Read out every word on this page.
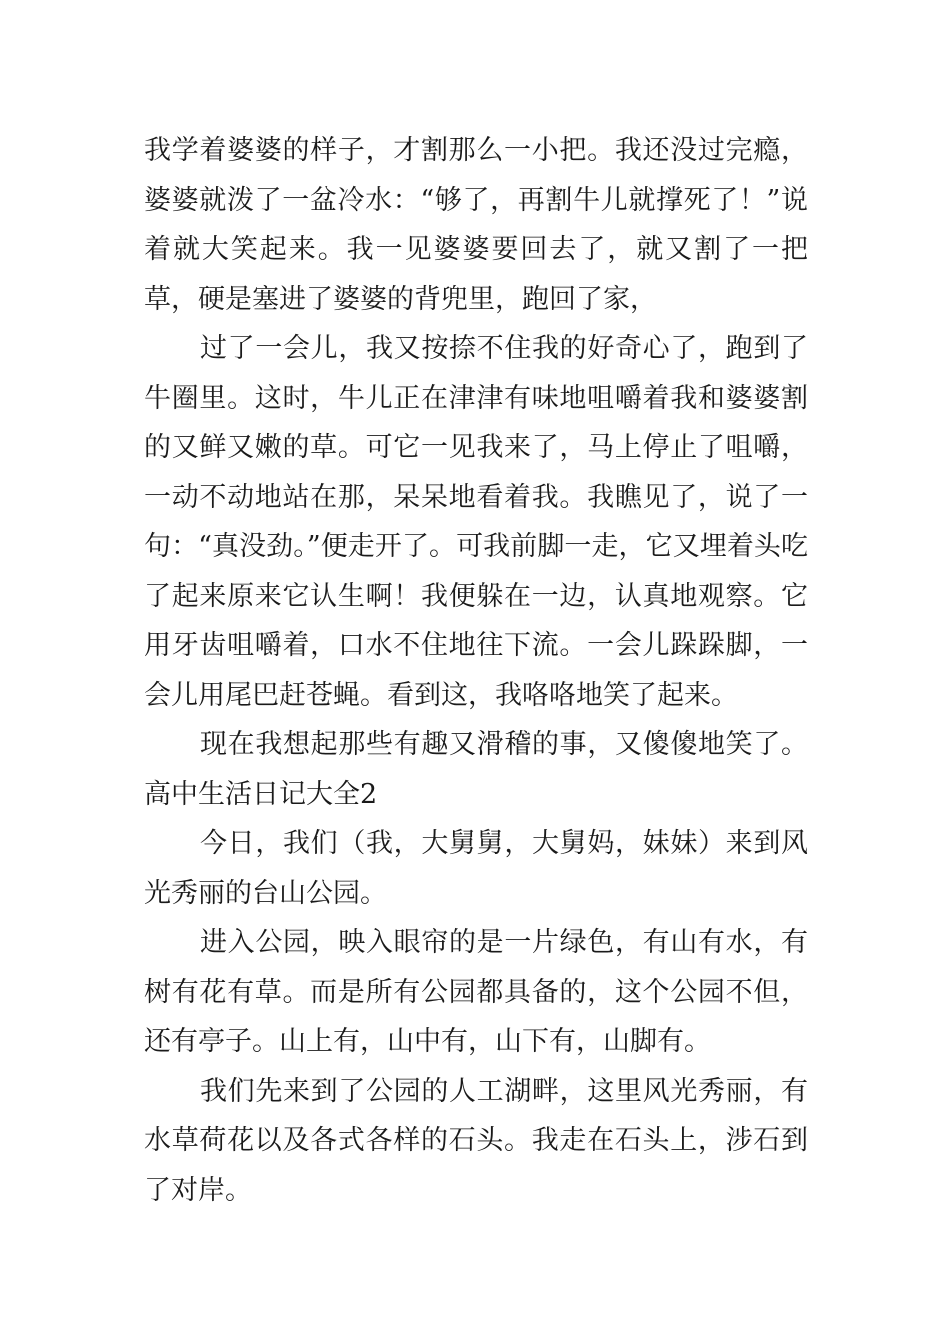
我学着婆婆的样子，才割那么一小把。我还没过完瘾，婆婆就泼了一盆冷水：“够了，再割牛儿就撑死了！”说着就大笑起来。我一见婆婆要回去了，就又割了一把草，硬是塞进了婆婆的背兜里，跑回了家，

过了一会儿，我又按捺不住我的好奇心了，跑到了牛圈里。这时，牛儿正在津津有味地咀嚼着我和婆婆割的又鲜又嫩的草。可它一见我来了，马上停止了咀嚼，一动不动地站在那，呆呆地看着我。我瞧见了，说了一句：“真没劲。”便走开了。可我前脚一走，它又埋着头吃了起来原来它认生啊！我便躲在一边，认真地观察。它用牙齿咀嚼着，口水不住地往下流。一会儿跺跺脚，一会儿用尾巴赶苍蝇。看到这，我咯咯地笑了起来。

现在我想起那些有趣又滑稽的事，又傻傻地笑了。高中生活日记大全2

今日，我们（我，大舅舅，大舅妈，妹妹）来到风光秀丽的台山公园。

进入公园，映入眼帘的是一片绿色，有山有水，有树有花有草。而是所有公园都具备的，这个公园不但，还有亭子。山上有，山中有，山下有，山脚有。

我们先来到了公园的人工湖畔，这里风光秀丽，有水草荷花以及各式各样的石头。我走在石头上，涉石到了对岸。
